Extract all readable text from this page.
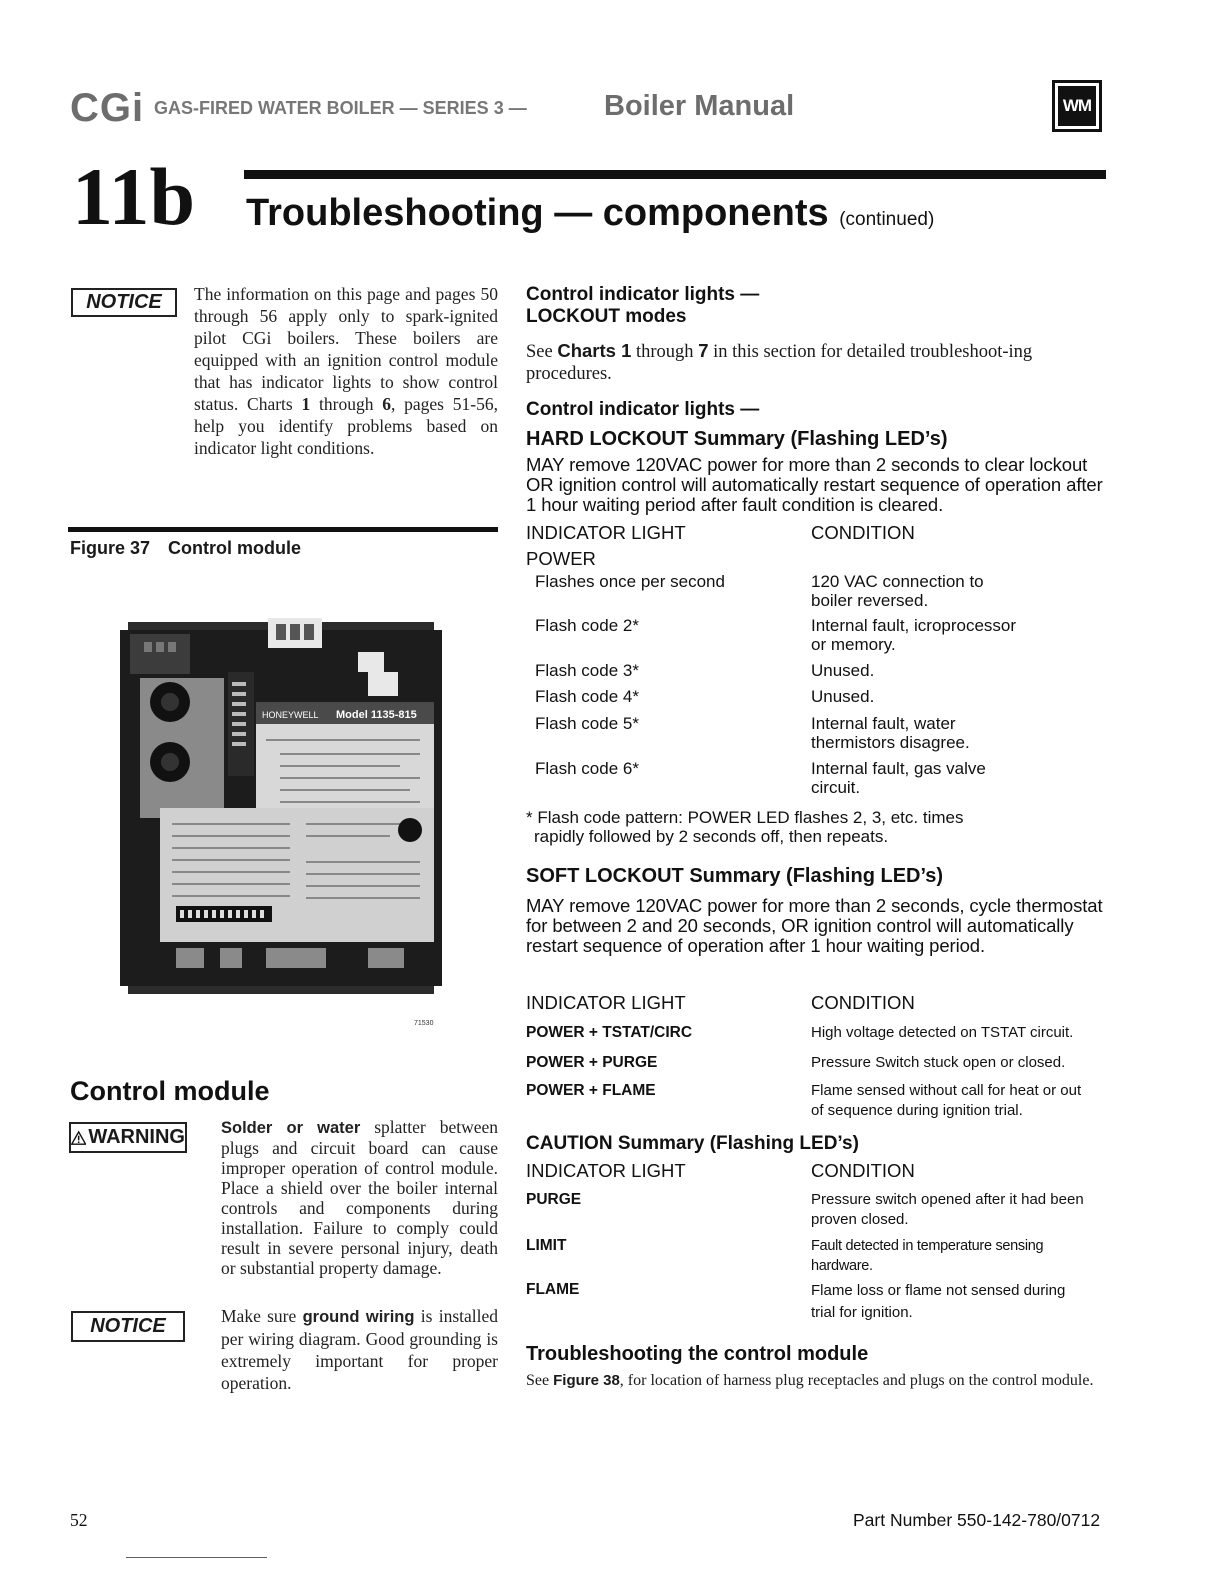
CGi GAS-FIRED WATER BOILER — SERIES 3 —	Boiler Manual	WM
11b Troubleshooting — components (continued)
NOTICE	The information on this page and pages 50 through 56 apply only to spark-ignited pilot CGi boilers. These boilers are equipped with an ignition control module that has indicator lights to show control status. Charts 1 through 6, pages 51-56, help you identify problems based on indicator light conditions.
Figure 37 Control module
HONEYWELL Model 1135-815
71530
Control module
WARNING Solder or water splatter between plugs and circuit board can cause improper operation of control module. Place a shield over the boiler internal controls and components during installation. Failure to comply could result in severe personal injury, death or substantial property damage.
NOTICE	Make sure ground wiring is installed per wiring diagram. Good grounding is extremely important for proper operation.
Control indicator lights —
LOCKOUT modes
See Charts 1 through 7 in this section for detailed troubleshoot-ing procedures.
Control indicator lights —
HARD LOCKOUT Summary (Flashing LED’s)
MAY remove 120VAC power for more than 2 seconds to clear lockout OR ignition control will automatically restart sequence of operation after 1 hour waiting period after fault condition is cleared.
INDICATOR LIGHT	CONDITION
POWER
Flashes once per second	120 VAC connection to
boiler reversed.
Flash code 2*	Internal fault, icroprocessor
or memory.
Flash code 3*	Unused.
Flash code 4*	Unused.
Flash code 5*	Internal fault, water
thermistors disagree.
Flash code 6*	Internal fault, gas valve
circuit.
* Flash code pattern: POWER LED flashes 2, 3, etc. times
rapidly followed by 2 seconds off, then repeats.
SOFT LOCKOUT Summary (Flashing LED’s)
MAY remove 120VAC power for more than 2 seconds, cycle thermostat for between 2 and 20 seconds, OR ignition control will automatically restart sequence of operation after 1 hour waiting period.
INDICATOR LIGHT	CONDITION
POWER + TSTAT/CIRC	High voltage detected on TSTAT circuit.
POWER + PURGE	Pressure Switch stuck open or closed.
POWER + FLAME	Flame sensed without call for heat or out
of sequence during ignition trial.
CAUTION Summary (Flashing LED’s)
INDICATOR LIGHT	CONDITION
PURGE	Pressure switch opened after it had been
proven closed.
LIMIT	Fault detected in temperature sensing
hardware.
FLAME	Flame loss or flame not sensed during
trial for ignition.
Troubleshooting the control module
See Figure 38, for location of harness plug receptacles and plugs on the control module.
52	Part Number 550-142-780/0712
